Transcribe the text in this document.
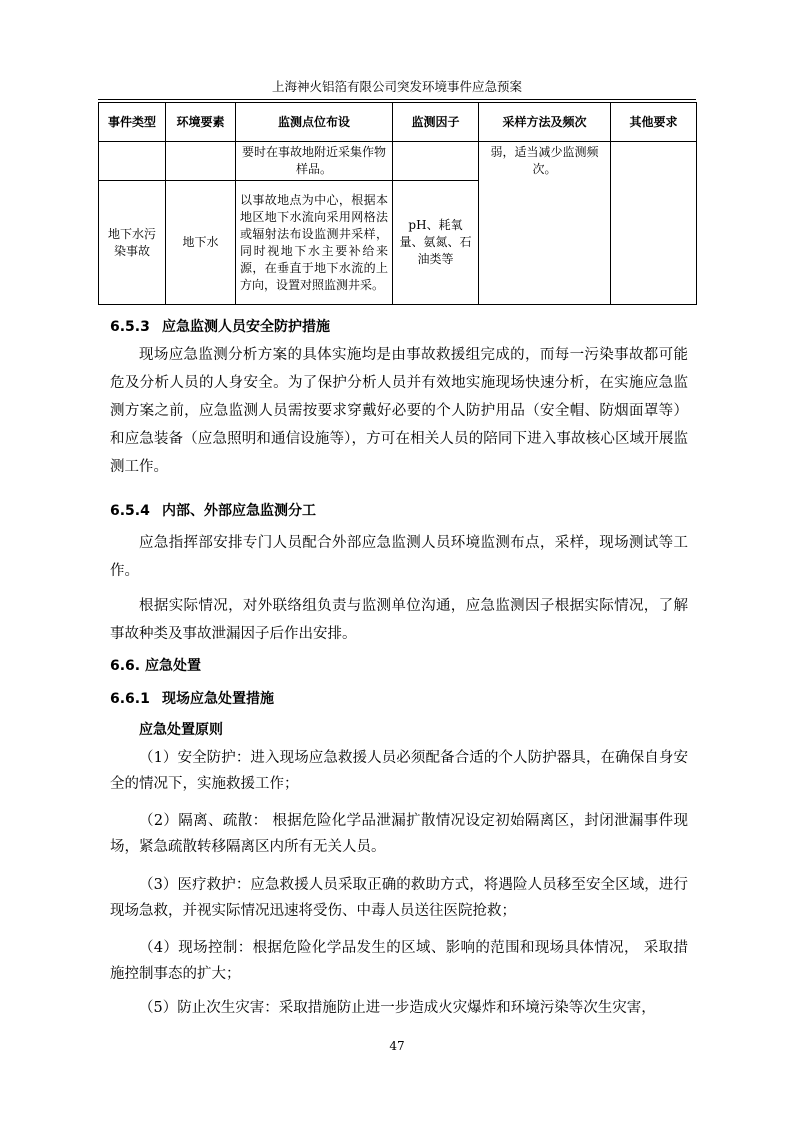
上海神火铝箔有限公司突发环境事件应急预案
事件类型	环境要素	监测点位布设	监测因子	采样方法及频次	其他要求
		要时在事故地附近采集作物样品。		弱，适当减少监测频次。	
地下水污染事故	地下水	以事故地点为中心，根据本地区地下水流向采用网格法或辐射法布设监测井采样，同时视地下水主要补给来源，在垂直于地下水流的上方向，设置对照监测井采。	pH、耗氧量、氨氮、石油类等		
6.5.3 应急监测人员安全防护措施
现场应急监测分析方案的具体实施均是由事故救援组完成的，而每一污染事故都可能危及分析人员的人身安全。为了保护分析人员并有效地实施现场快速分析，在实施应急监测方案之前，应急监测人员需按要求穿戴好必要的个人防护用品（安全帽、防烟面罩等）和应急装备（应急照明和通信设施等），方可在相关人员的陪同下进入事故核心区域开展监测工作。
6.5.4 内部、外部应急监测分工
应急指挥部安排专门人员配合外部应急监测人员环境监测布点，采样，现场测试等工作。
根据实际情况，对外联络组负责与监测单位沟通，应急监测因子根据实际情况，了解事故种类及事故泄漏因子后作出安排。
6.6. 应急处置
6.6.1 现场应急处置措施
应急处置原则
（1）安全防护：进入现场应急救援人员必须配备合适的个人防护器具，在确保自身安全的情况下，实施救援工作；
（2）隔离、疏散： 根据危险化学品泄漏扩散情况设定初始隔离区，封闭泄漏事件现场，紧急疏散转移隔离区内所有无关人员。
（3）医疗救护：应急救援人员采取正确的救助方式，将遇险人员移至安全区域，进行现场急救，并视实际情况迅速将受伤、中毒人员送往医院抢救；
（4）现场控制：根据危险化学品发生的区域、影响的范围和现场具体情况， 采取措施控制事态的扩大；
（5）防止次生灾害：采取措施防止进一步造成火灾爆炸和环境污染等次生灾害，
47
